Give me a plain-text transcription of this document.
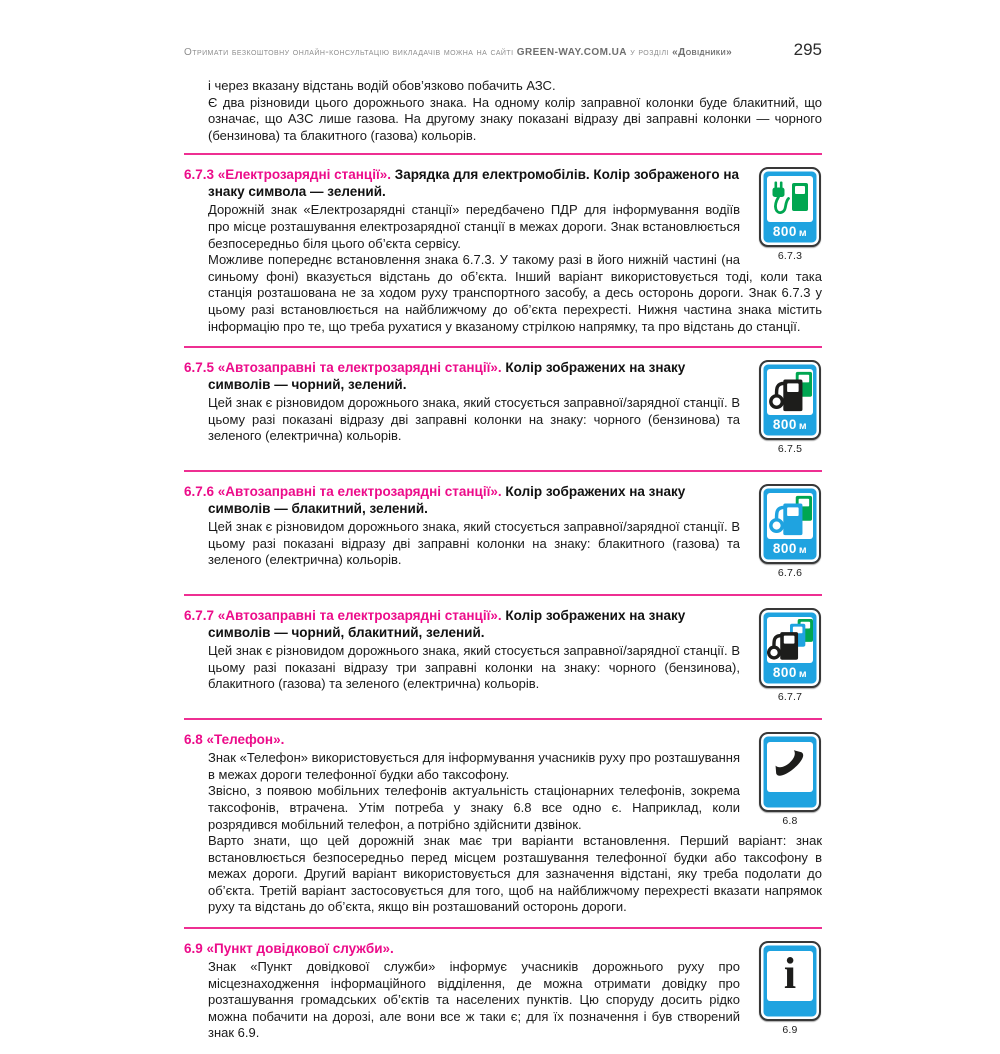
Отримати безкоштовну онлайн-консультацію викладачів можна на сайті GREEN-WAY.COM.UA у розділі «Довідники»	295

і через вказану відстань водій обов’язково побачить АЗС.

Є два різновиди цього дорожнього знака. На одному колір заправної колонки буде блакитний, що означає, що АЗС лише газова. На другому знаку показані відразу дві заправні колонки — чорного (бензинова) та блакитного (газова) кольорів.

800 м
6.7.3

6.7.3 «Електрозарядні станції». Зарядка для електромобілів. Колір зображеного на знаку символа — зелений.

Дорожній знак «Електрозарядні станції» передбачено ПДР для інформування водіїв про місце розташування електрозарядної станції в межах дороги. Знак встановлюється безпосередньо біля цього об’єкта сервісу.

Можливе попереднє встановлення знака 6.7.3. У такому разі в його нижній частині (на синьому фоні) вказується відстань до об’єкта. Інший варіант використовується тоді, коли така станція розташована не за ходом руху транспортного засобу, а десь осторонь дороги. Знак 6.7.3 у цьому разі встановлюється на найближчому до об’єкта перехресті. Нижня частина знака містить інформацію про те, що треба рухатися у вказаному стрілкою напрямку, та про відстань до станції.

800 м
6.7.5

6.7.5 «Автозаправні та електрозарядні станції». Колір зображених на знаку символів — чорний, зелений.

Цей знак є різновидом дорожнього знака, який стосується заправної/зарядної станції. В цьому разі показані відразу дві заправні колонки на знаку: чорного (бензинова) та зеленого (електрична) кольорів.

800 м
6.7.6

6.7.6 «Автозаправні та електрозарядні станції». Колір зображених на знаку символів — блакитний, зелений.

Цей знак є різновидом дорожнього знака, який стосується заправної/зарядної станції. В цьому разі показані відразу дві заправні колонки на знаку: блакитного (газова) та зеленого (електрична) кольорів.

800 м
6.7.7

6.7.7 «Автозаправні та електрозарядні станції». Колір зображених на знаку символів — чорний, блакитний, зелений.

Цей знак є різновидом дорожнього знака, який стосується заправної/зарядної станції. В цьому разі показані відразу три заправні колонки на знаку: чорного (бензинова), блакитного (газова) та зеленого (електрична) кольорів.

6.8

6.8 «Телефон».

Знак «Телефон» використовується для інформування учасників руху про розташування в межах дороги телефонної будки або таксофону.

Звісно, з появою мобільних телефонів актуальність стаціонарних телефонів, зокрема таксофонів, втрачена. Утім потреба у знаку 6.8 все одно є. Наприклад, коли розрядився мобільний телефон, а потрібно здійснити дзвінок.

Варто знати, що цей дорожній знак має три варіанти встановлення. Перший варіант: знак встановлюється безпосередньо перед місцем розташування телефонної будки або таксофону в межах дороги. Другий варіант використовується для зазначення відстані, яку треба подолати до об’єкта. Третій варіант застосовується для того, щоб на найближчому перехресті вказати напрямок руху та відстань до об’єкта, якщо він розташований осторонь дороги.

i
6.9

6.9 «Пункт довідкової служби».

Знак «Пункт довідкової служби» інформує учасників дорожнього руху про місцезнаходження інформаційного відділення, де можна отримати довідку про розташування громадських об’єктів та населених пунктів. Цю споруду досить рідко можна побачити на дорозі, але вони все ж таки є; для їх позначення і був створений знак 6.9.
